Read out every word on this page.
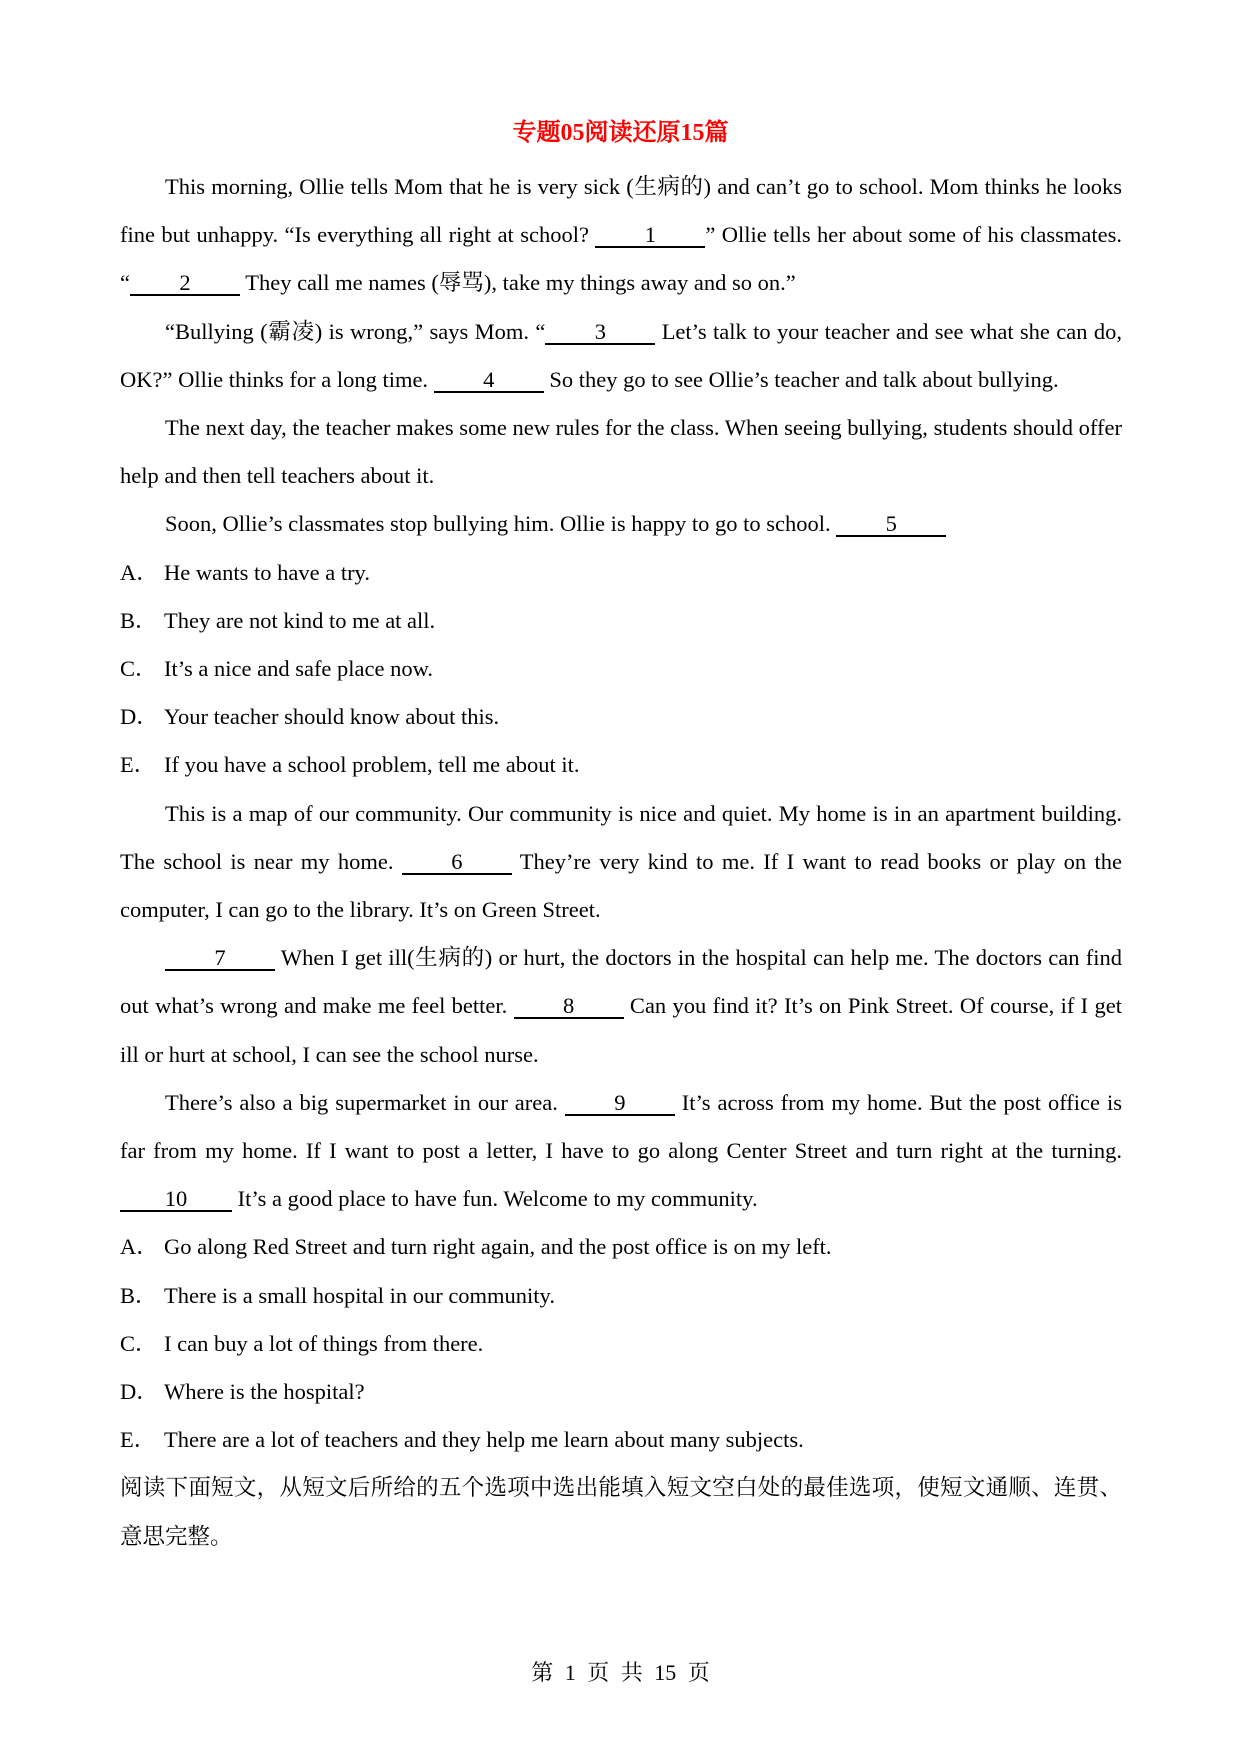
专题05阅读还原15篇

This morning, Ollie tells Mom that he is very sick (生病的) and can’t go to school. Mom thinks he looks fine but unhappy. “Is everything all right at school? 1 ” Ollie tells her about some of his classmates. “ 2 They call me names (辱骂), take my things away and so on.”

“Bullying (霸凌) is wrong,” says Mom. “ 3 Let’s talk to your teacher and see what she can do, OK?” Ollie thinks for a long time. 4 So they go to see Ollie’s teacher and talk about bullying.

The next day, the teacher makes some new rules for the class. When seeing bullying, students should offer help and then tell teachers about it.

Soon, Ollie’s classmates stop bullying him. Ollie is happy to go to school. 5

A． He wants to have a try.

B． They are not kind to me at all.

C． It’s a nice and safe place now.

D． Your teacher should know about this.

E． If you have a school problem, tell me about it.

This is a map of our community. Our community is nice and quiet. My home is in an apartment building. The school is near my home. 6 They’re very kind to me. If I want to read books or play on the computer, I can go to the library. It’s on Green Street.

7 When I get ill(生病的) or hurt, the doctors in the hospital can help me. The doctors can find out what’s wrong and make me feel better. 8 Can you find it? It’s on Pink Street. Of course, if I get ill or hurt at school, I can see the school nurse.

There’s also a big supermarket in our area. 9 It’s across from my home. But the post office is far from my home. If I want to post a letter, I have to go along Center Street and turn right at the turning. 10 It’s a good place to have fun. Welcome to my community.

A． Go along Red Street and turn right again, and the post office is on my left.

B． There is a small hospital in our community.

C． I can buy a lot of things from there.

D． Where is the hospital?

E． There are a lot of teachers and they help me learn about many subjects.

阅读下面短文，从短文后所给的五个选项中选出能填入短文空白处的最佳选项，使短文通顺、连贯、意思完整。

第 1 页 共 15 页
